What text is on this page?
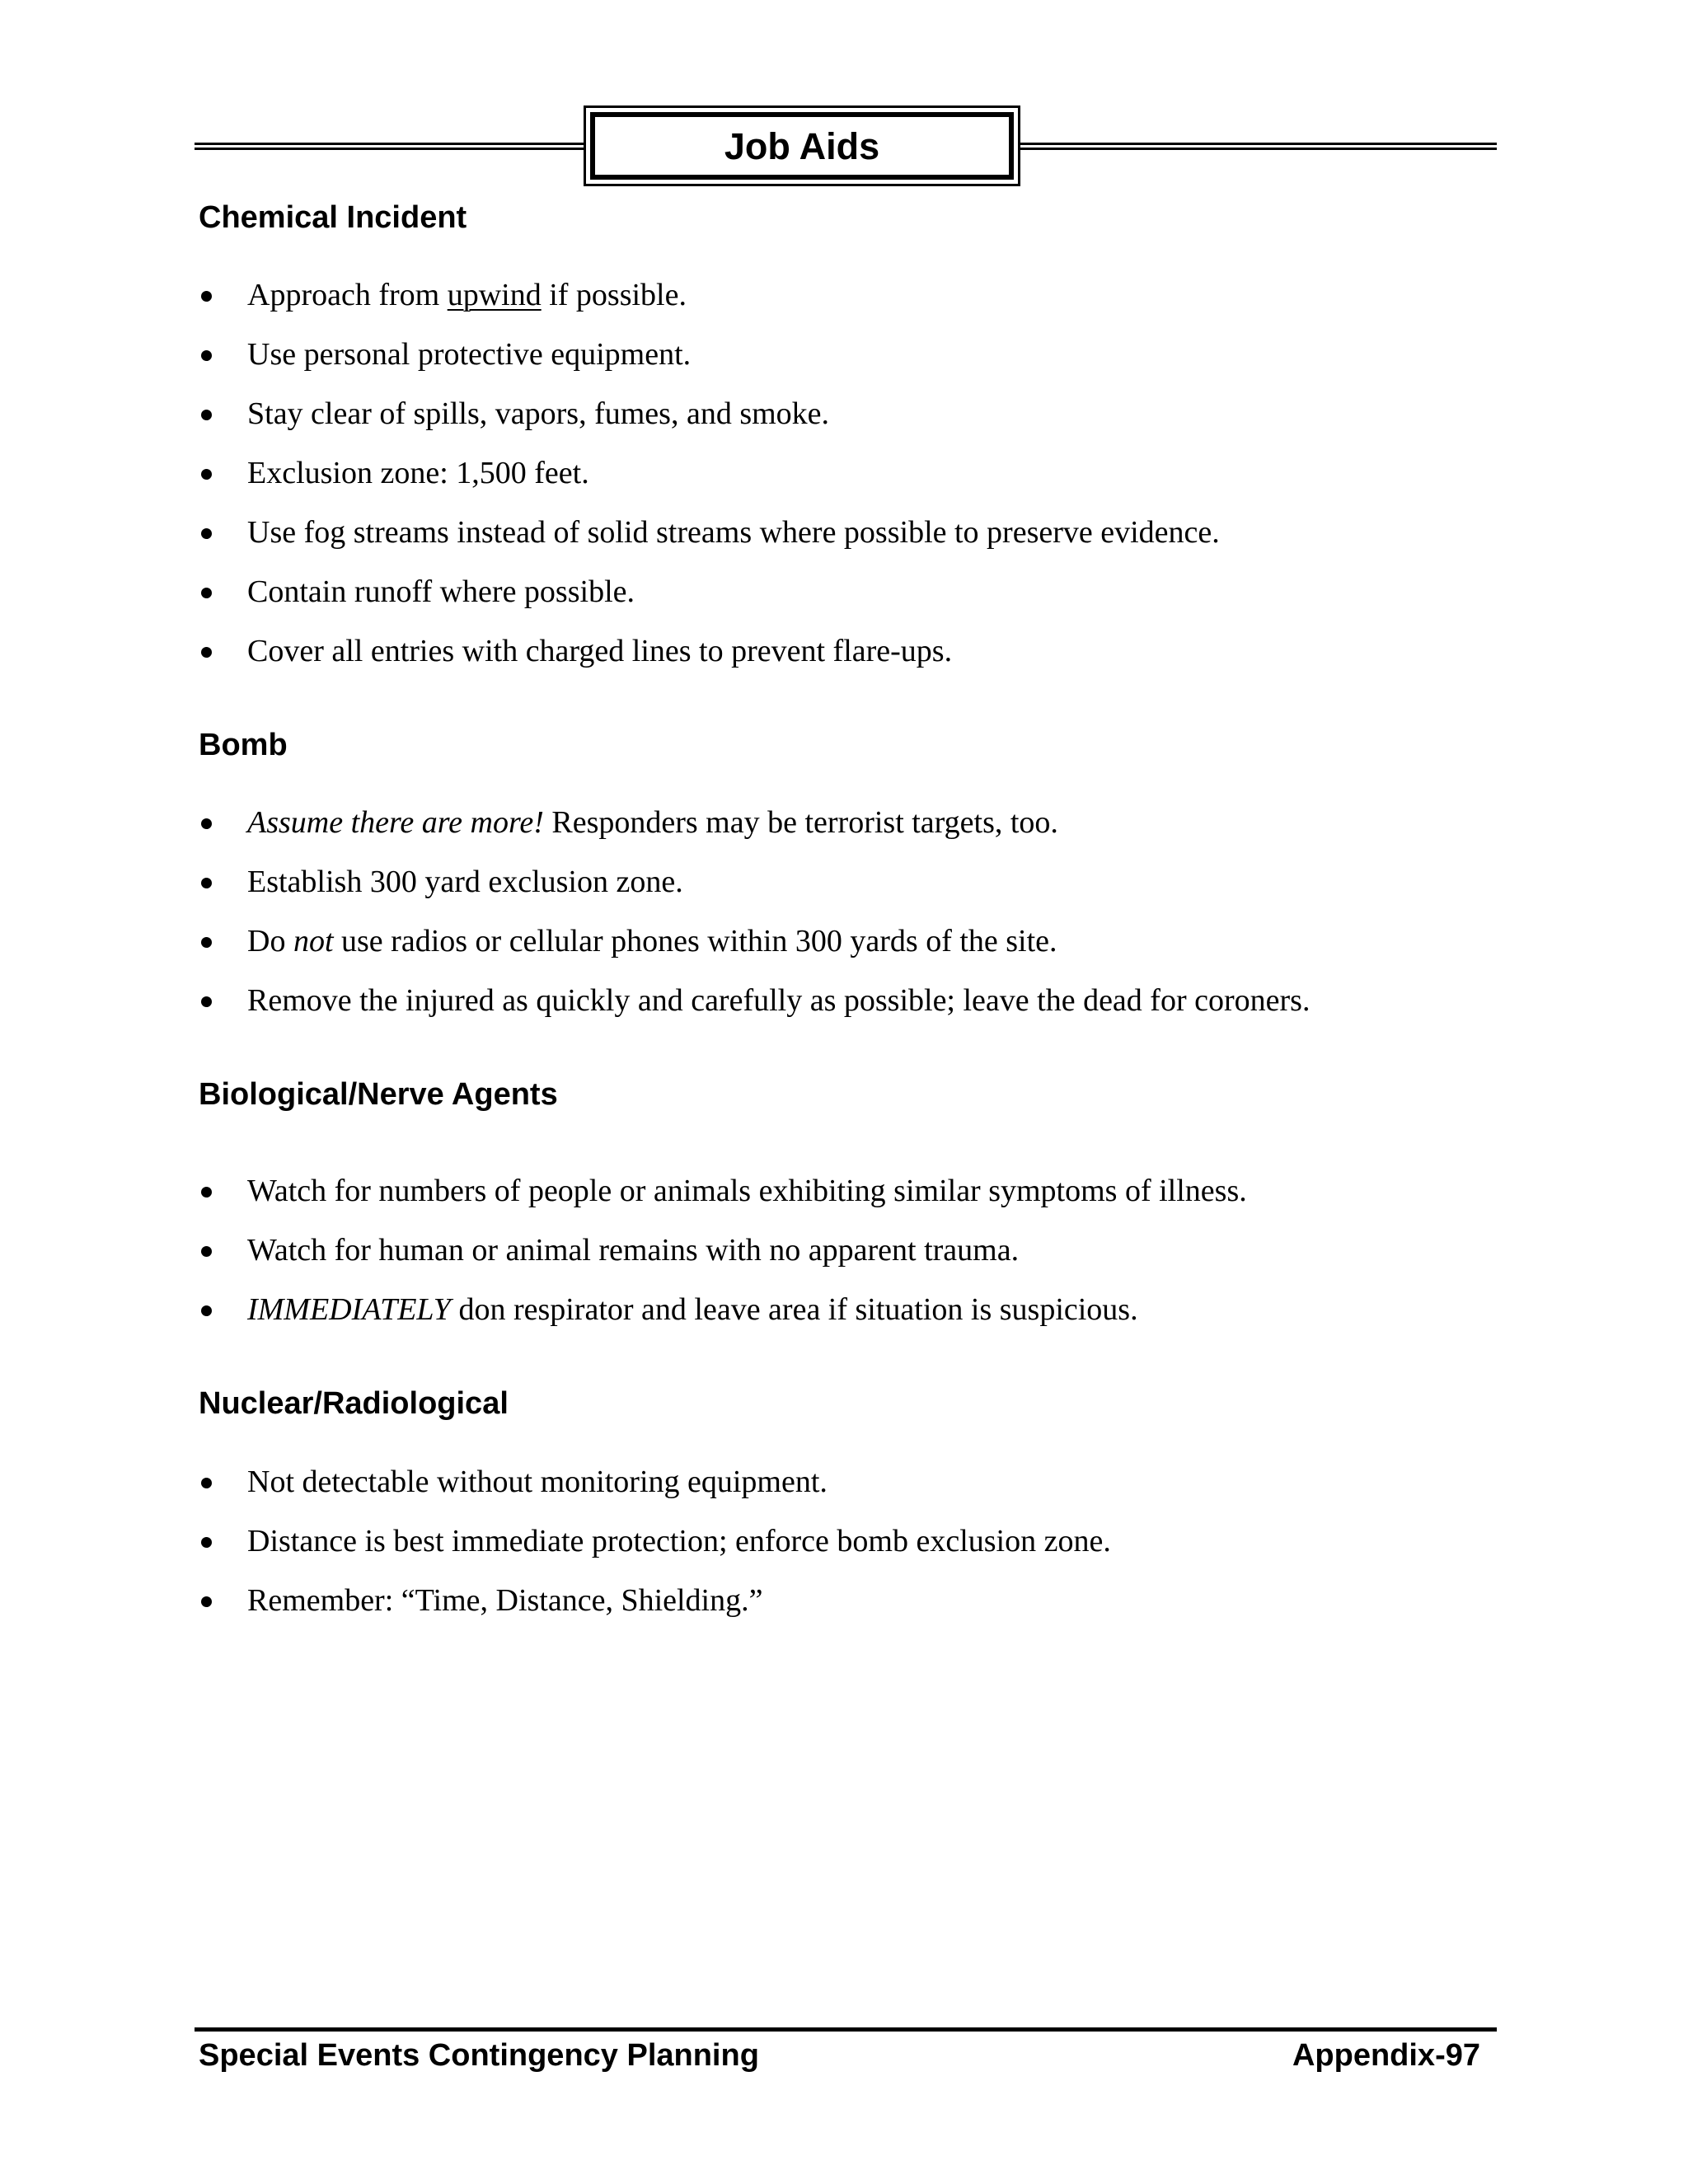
Job Aids
Chemical Incident
Approach from upwind if possible.
Use personal protective equipment.
Stay clear of spills, vapors, fumes, and smoke.
Exclusion zone: 1,500 feet.
Use fog streams instead of solid streams where possible to preserve evidence.
Contain runoff where possible.
Cover all entries with charged lines to prevent flare-ups.
Bomb
Assume there are more! Responders may be terrorist targets, too.
Establish 300 yard exclusion zone.
Do not use radios or cellular phones within 300 yards of the site.
Remove the injured as quickly and carefully as possible; leave the dead for coroners.
Biological/Nerve Agents
Watch for numbers of people or animals exhibiting similar symptoms of illness.
Watch for human or animal remains with no apparent trauma.
IMMEDIATELY don respirator and leave area if situation is suspicious.
Nuclear/Radiological
Not detectable without monitoring equipment.
Distance is best immediate protection; enforce bomb exclusion zone.
Remember: “Time, Distance, Shielding.”
Special Events Contingency Planning	Appendix-97
